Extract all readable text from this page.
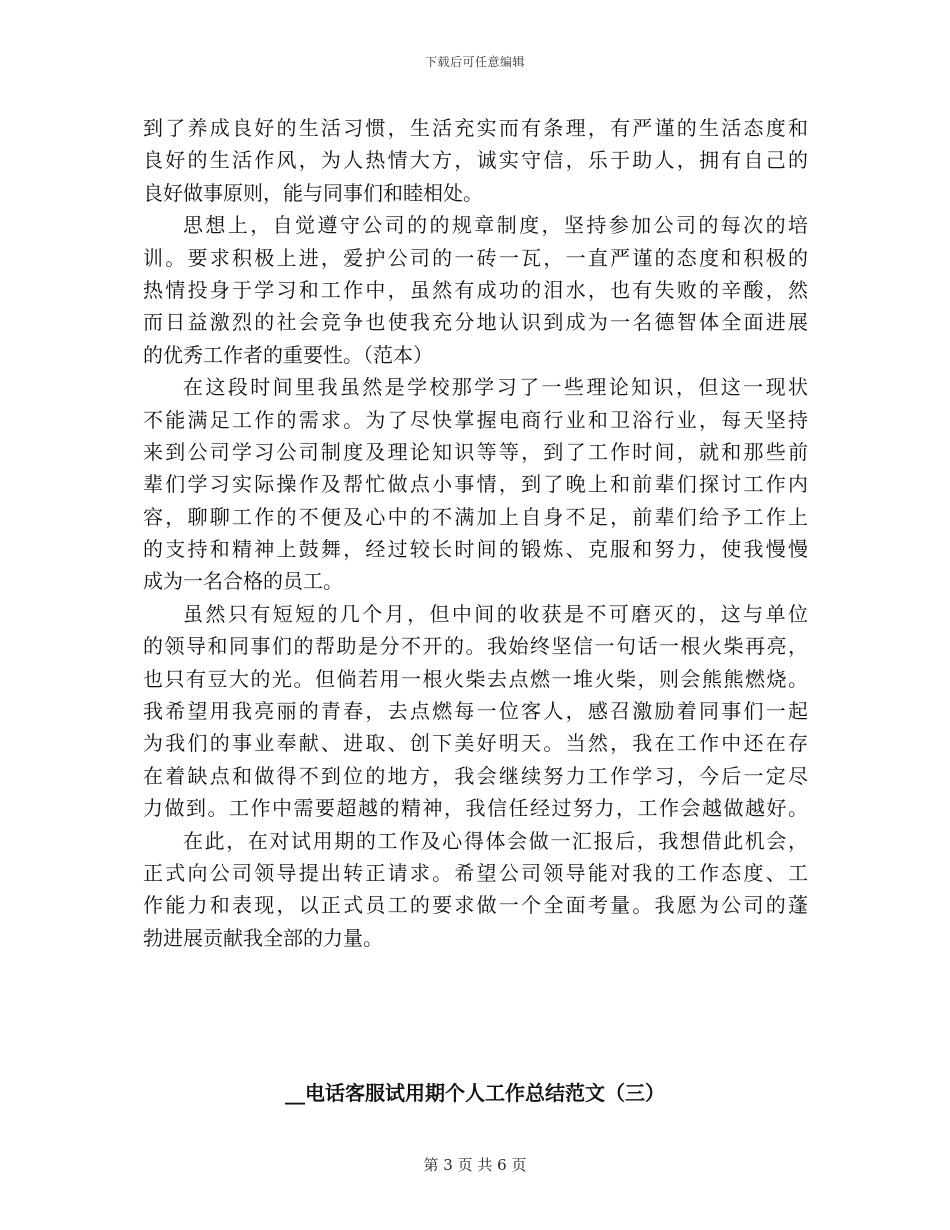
下载后可任意编辑
到了养成良好的生活习惯，生活充实而有条理，有严谨的生活态度和
良好的生活作风，为人热情大方，诚实守信，乐于助人，拥有自己的
良好做事原则，能与同事们和睦相处。
思想上，自觉遵守公司的的规章制度，坚持参加公司的每次的培
训。要求积极上进，爱护公司的一砖一瓦，一直严谨的态度和积极的
热情投身于学习和工作中，虽然有成功的泪水，也有失败的辛酸，然
而日益激烈的社会竞争也使我充分地认识到成为一名德智体全面进展
的优秀工作者的重要性。（范本）
在这段时间里我虽然是学校那学习了一些理论知识，但这一现状
不能满足工作的需求。为了尽快掌握电商行业和卫浴行业，每天坚持
来到公司学习公司制度及理论知识等等，到了工作时间，就和那些前
辈们学习实际操作及帮忙做点小事情，到了晚上和前辈们探讨工作内
容，聊聊工作的不便及心中的不满加上自身不足，前辈们给予工作上
的支持和精神上鼓舞，经过较长时间的锻炼、克服和努力，使我慢慢
成为一名合格的员工。
虽然只有短短的几个月，但中间的收获是不可磨灭的，这与单位
的领导和同事们的帮助是分不开的。我始终坚信一句话一根火柴再亮，
也只有豆大的光。但倘若用一根火柴去点燃一堆火柴，则会熊熊燃烧。
我希望用我亮丽的青春，去点燃每一位客人，感召激励着同事们一起
为我们的事业奉献、进取、创下美好明天。当然，我在工作中还在存
在着缺点和做得不到位的地方，我会继续努力工作学习，今后一定尽
力做到。工作中需要超越的精神，我信任经过努力，工作会越做越好。
在此，在对试用期的工作及心得体会做一汇报后，我想借此机会，
正式向公司领导提出转正请求。希望公司领导能对我的工作态度、工
作能力和表现，以正式员工的要求做一个全面考量。我愿为公司的蓬
勃进展贡献我全部的力量。
__电话客服试用期个人工作总结范文（三）
第 3 页 共 6 页
